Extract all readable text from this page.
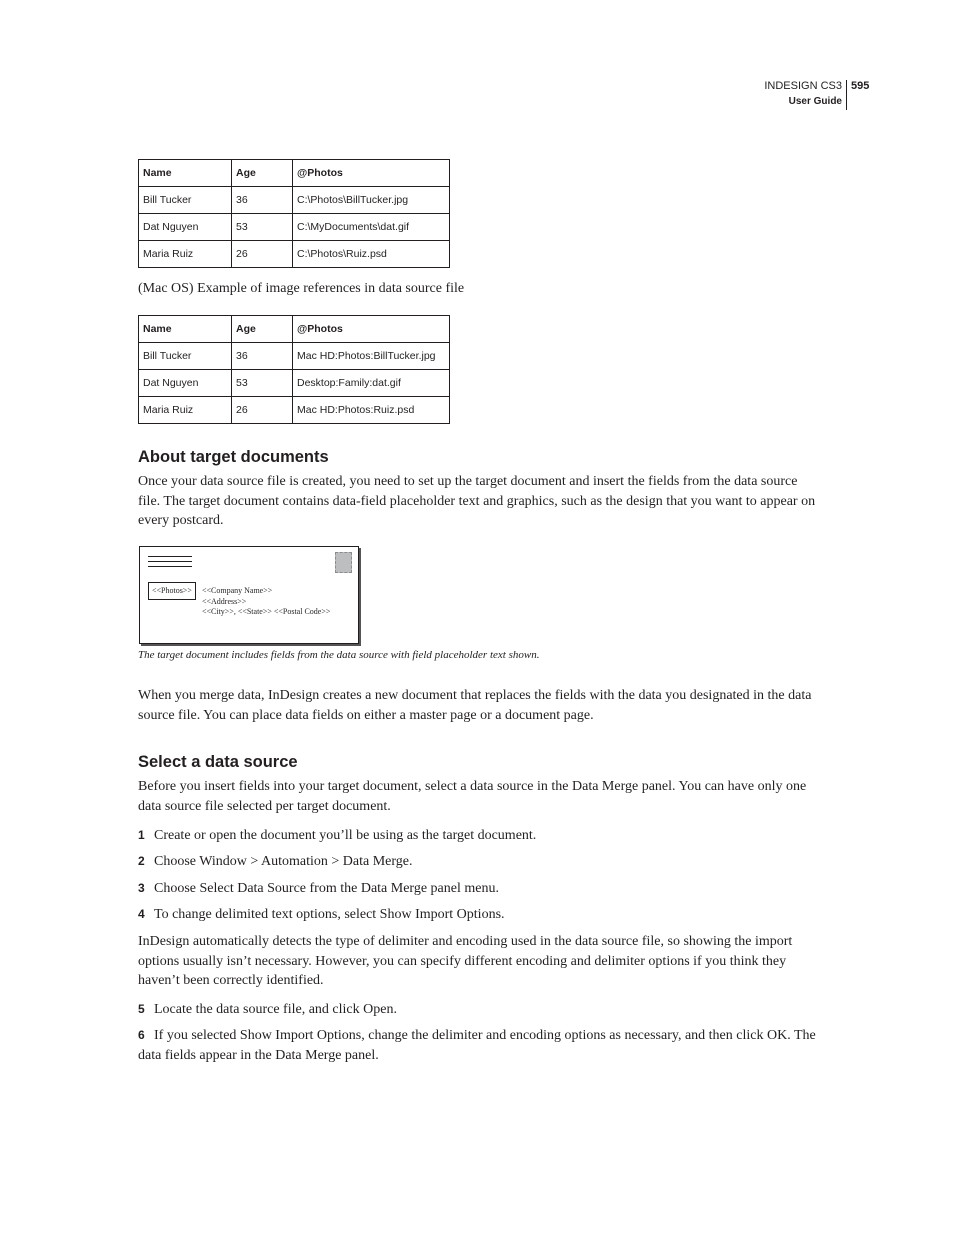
INDESIGN CS3
User Guide
595
Name	Age	@Photos
Bill Tucker	36	C:\Photos\BillTucker.jpg
Dat Nguyen	53	C:\MyDocuments\dat.gif
Maria Ruiz	26	C:\Photos\Ruiz.psd
(Mac OS) Example of image references in data source file
Name	Age	@Photos
Bill Tucker	36	Mac HD:Photos:BillTucker.jpg
Dat Nguyen	53	Desktop:Family:dat.gif
Maria Ruiz	26	Mac HD:Photos:Ruiz.psd
About target documents
Once your data source file is created, you need to set up the target document and insert the fields from the data source file. The target document contains data-field placeholder text and graphics, such as the design that you want to appear on every postcard.
<<Photos>>	<<Company Name>>
<<Address>>
<<City>>, <<State>> <<Postal Code>>
The target document includes fields from the data source with field placeholder text shown.
When you merge data, InDesign creates a new document that replaces the fields with the data you designated in the data source file. You can place data fields on either a master page or a document page.
Select a data source
Before you insert fields into your target document, select a data source in the Data Merge panel. You can have only one data source file selected per target document.
1 Create or open the document you’ll be using as the target document.
2 Choose Window > Automation > Data Merge.
3 Choose Select Data Source from the Data Merge panel menu.
4 To change delimited text options, select Show Import Options.
InDesign automatically detects the type of delimiter and encoding used in the data source file, so showing the import options usually isn’t necessary. However, you can specify different encoding and delimiter options if you think they haven’t been correctly identified.
5 Locate the data source file, and click Open.
6 If you selected Show Import Options, change the delimiter and encoding options as necessary, and then click OK. The data fields appear in the Data Merge panel.
